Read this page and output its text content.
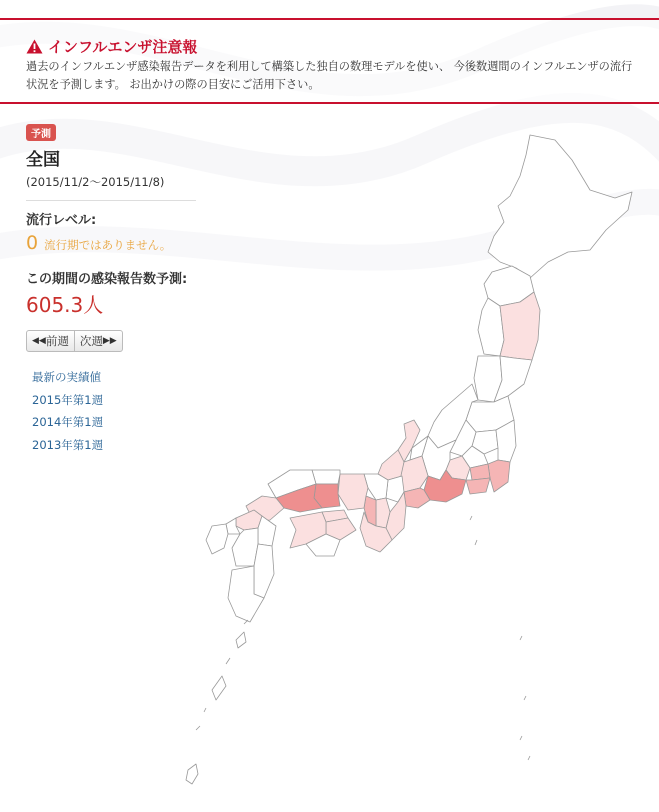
インフルエンザ注意報
過去のインフルエンザ感染報告データを利用して構築した独自の数理モデルを使い、 今後数週間のインフルエンザの流行状況を予測します。 お出かけの際の目安にご活用下さい。
予測
全国
(2015/11/2〜2015/11/8)
流行レベル:
0 流行期ではありません。
この期間の感染報告数予測:
605.3人
◀◀ 前週 次週 ▶▶
最新の実績値
2015年第1週
2014年第1週
2013年第1週
